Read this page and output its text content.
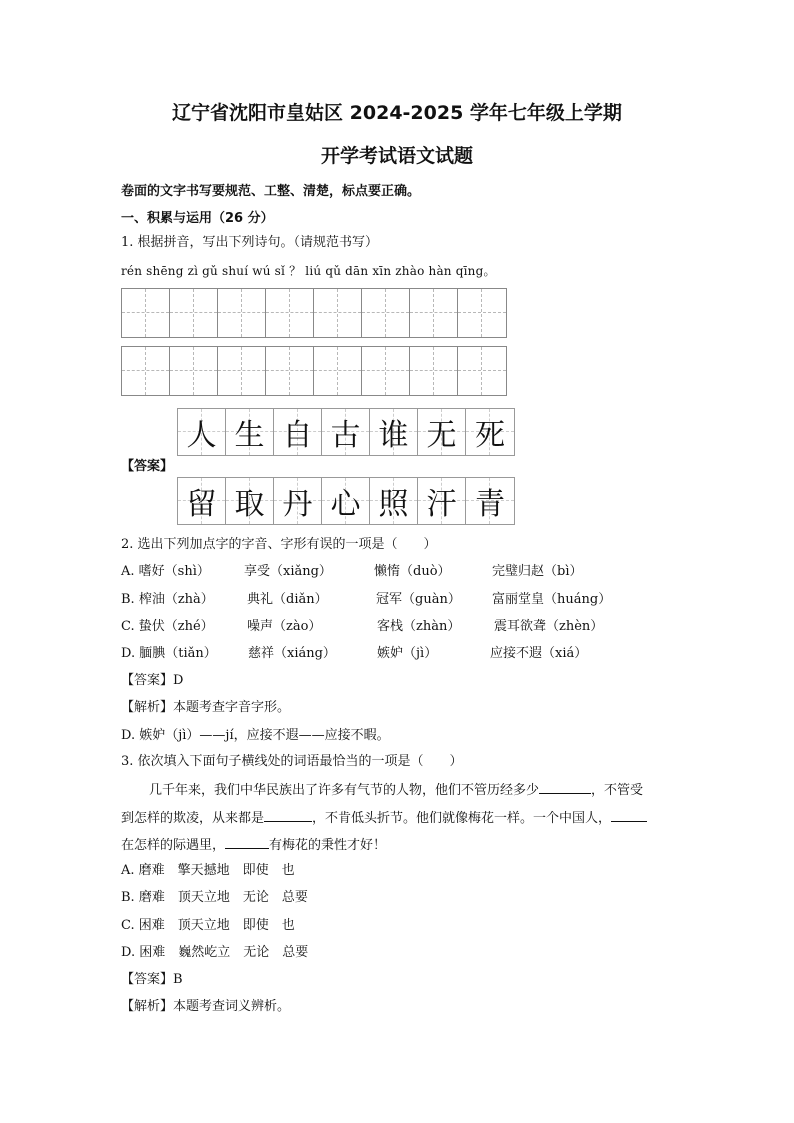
辽宁省沈阳市皇姑区 2024-2025 学年七年级上学期
开学考试语文试题
卷面的文字书写要规范、工整、清楚，标点要正确。
一、积累与运用（26 分）
1. 根据拼音，写出下列诗句。（请规范书写）
rén shēng zì gǔ shuí wú sǐ ？ liú qǔ dān xīn zhào hàn qīng。
人 生 自 古 谁 无 死
【答案】
留 取 丹 心 照 汗 青
2. 选出下列加点字的字音、字形有误的一项是（　　）
A. 嗜好（shì）	享受（xiǎng）	懒惰（duò）	完璧归赵（bì）
B. 榨油（zhà）	典礼（diǎn）	冠军（guàn） 富丽堂皇（huáng）
C. 蛰伏（zhé）	噪声（zào）	客栈（zhàn）	震耳欲聋（zhèn）
D. 腼腆（tiǎn） 慈祥（xiáng）	嫉妒（jì）	应接不遐（xiá）
【答案】D
【解析】本题考查字音字形。
D. 嫉妒（jì）——jí，应接不遐——应接不暇。
3. 依次填入下面句子横线处的词语最恰当的一项是（　　）
几千年来，我们中华民族出了许多有气节的人物，他们不管历经多少	，不管受
到怎样的欺凌，从来都是	，不肯低头折节。他们就像梅花一样。一个中国人，
在怎样的际遇里，	有梅花的秉性才好！
A. 磨难　擎天撼地　即使　也
B. 磨难　顶天立地　无论　总要
C. 困难　顶天立地　即使　也
D. 困难　巍然屹立　无论　总要
【答案】B
【解析】本题考查词义辨析。
